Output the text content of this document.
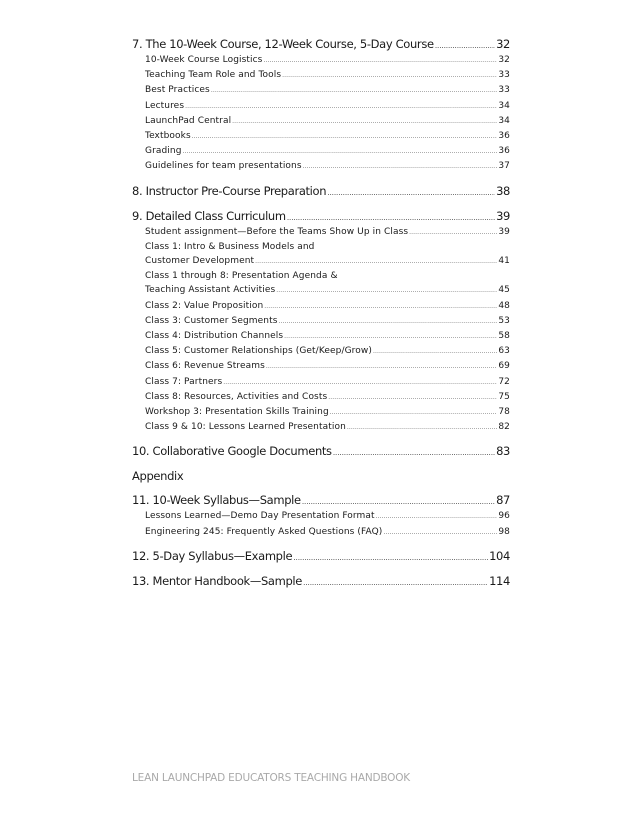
7. The 10-Week Course, 12-Week Course, 5-Day Course .....	32
10-Week Course Logistics .....	32
Teaching Team Role and Tools .....	33
Best Practices .....	33
Lectures .....	34
LaunchPad Central .....	34
Textbooks .....	36
Grading .....	36
Guidelines for team presentations .....	37
8. Instructor Pre-Course Preparation .....	38
9. Detailed Class Curriculum .....	39
Student assignment—Before the Teams Show Up in Class .....	39
Class 1: Intro & Business Models and
Customer Development .....	41
Class 1 through 8: Presentation Agenda &
Teaching Assistant Activities .....	45
Class 2: Value Proposition .....	48
Class 3: Customer Segments .....	53
Class 4: Distribution Channels .....	58
Class 5: Customer Relationships (Get/Keep/Grow) .....	63
Class 6: Revenue Streams .....	69
Class 7: Partners .....	72
Class 8: Resources, Activities and Costs .....	75
Workshop 3: Presentation Skills Training .....	78
Class 9 & 10: Lessons Learned Presentation .....	82
10. Collaborative Google Documents .....	83
Appendix
11. 10-Week Syllabus—Sample .....	87
Lessons Learned—Demo Day Presentation Format .....	96
Engineering 245: Frequently Asked Questions (FAQ) .....	98
12. 5-Day Syllabus—Example .....	104
13. Mentor Handbook—Sample .....	114
LEAN LAUNCHPAD EDUCATORS TEACHING HANDBOOK
